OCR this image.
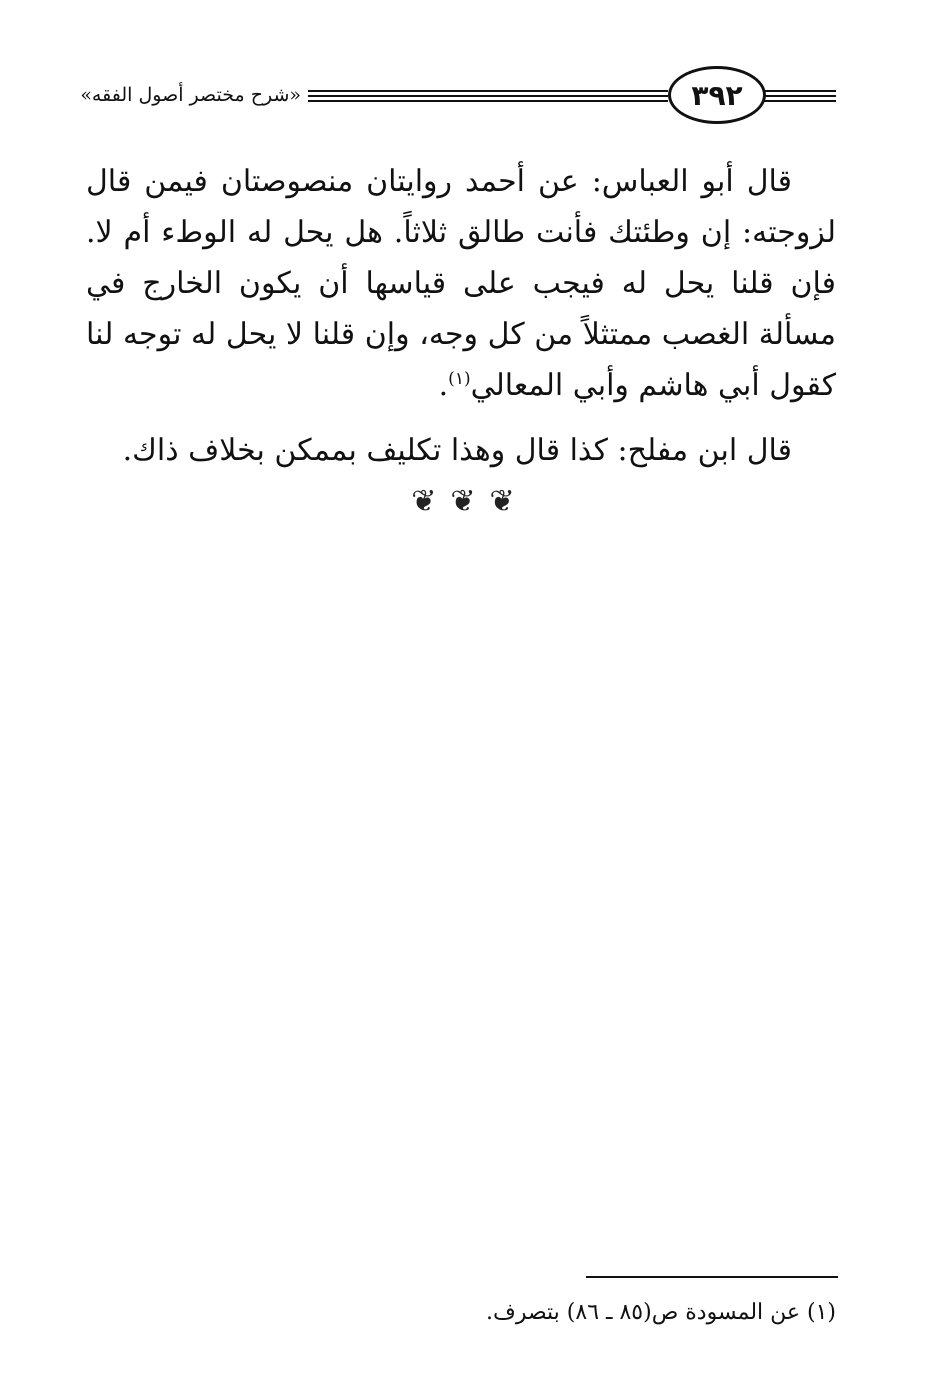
«شرح مختصر أصول الفقه»	٣٩٢

قال أبو العباس: عن أحمد روايتان منصوصتان فيمن قال لزوجته: إن وطئتك فأنت طالق ثلاثاً. هل يحل له الوطء أم لا. فإن قلنا يحل له فيجب على قياسها أن يكون الخارج في مسألة الغصب ممتثلاً من كل وجه، وإن قلنا لا يحل له توجه لنا كقول أبي هاشم وأبي المعالي$^{(١)}$.

قال ابن مفلح: كذا قال وهذا تكليف بممكن بخلاف ذاك.

❦❦❦
(١) عن المسودة ص(٨٥ ـ ٨٦) بتصرف.
